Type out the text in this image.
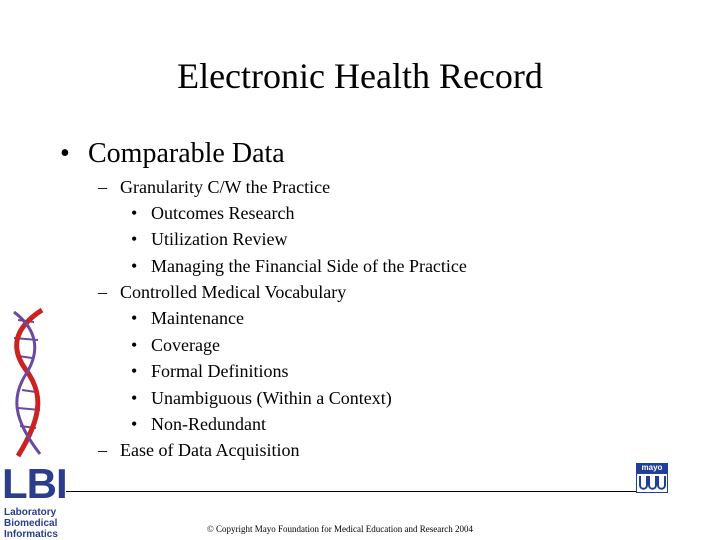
Electronic Health Record
• Comparable Data
– Granularity C/W the Practice
• Outcomes Research
• Utilization Review
• Managing the Financial Side of the Practice
– Controlled Medical Vocabulary
• Maintenance
• Coverage
• Formal Definitions
• Unambiguous (Within a Context)
• Non-Redundant
– Ease of Data Acquisition
LBI
Laboratory
Biomedical
Informatics
mayo
© Copyright Mayo Foundation for Medical Education and Research 2004
